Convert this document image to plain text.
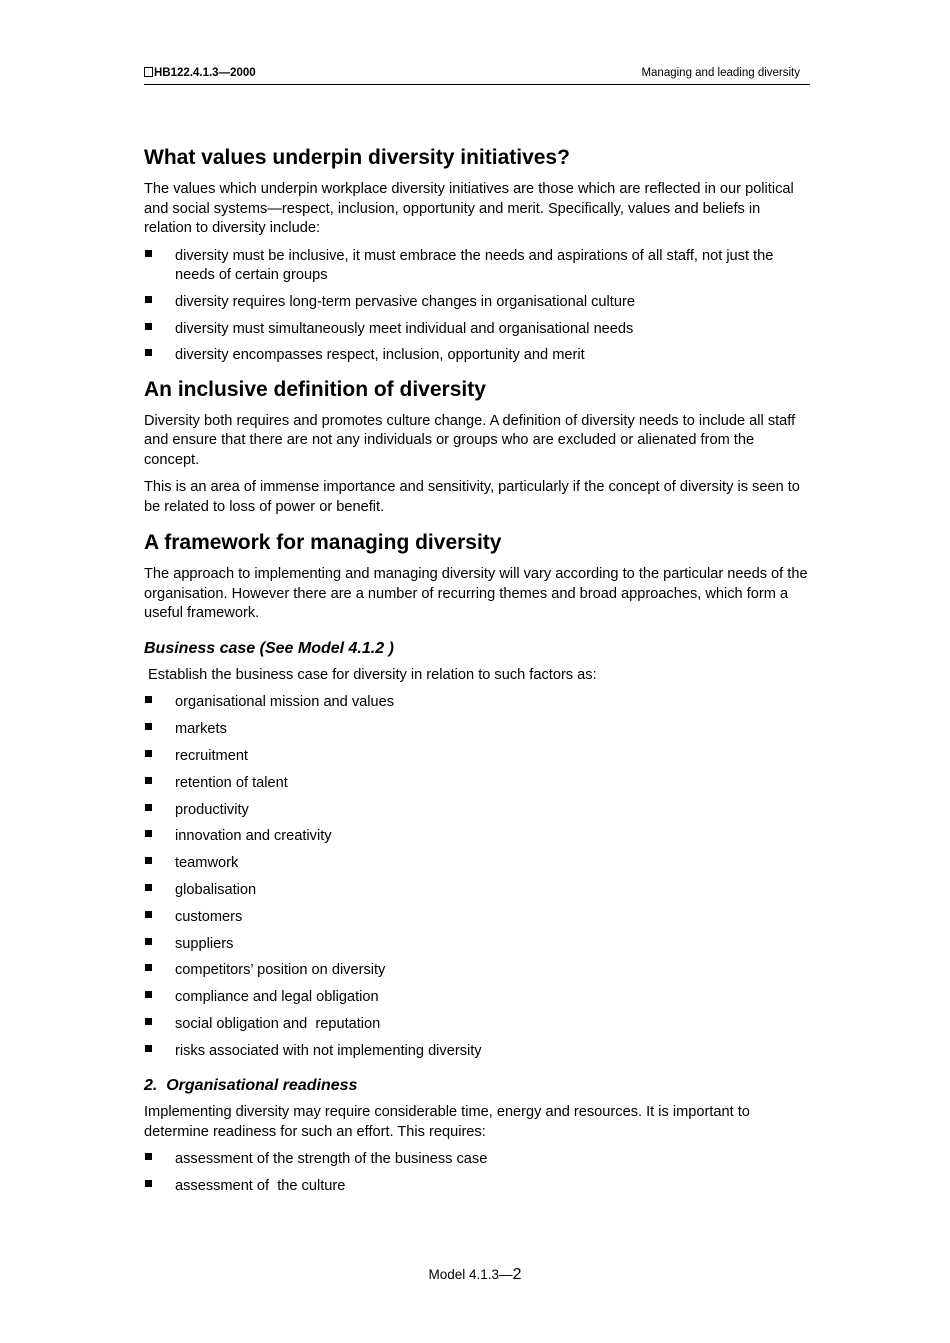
HB122.4.1.3—2000	Managing and leading diversity
What values underpin diversity initiatives?

The values which underpin workplace diversity initiatives are those which are reflected in our political and social systems—respect, inclusion, opportunity and merit. Specifically, values and beliefs in relation to diversity include:

diversity must be inclusive, it must embrace the needs and aspirations of all staff, not just the needs of certain groups
diversity requires long-term pervasive changes in organisational culture
diversity must simultaneously meet individual and organisational needs
diversity encompasses respect, inclusion, opportunity and merit
An inclusive definition of diversity

Diversity both requires and promotes culture change. A definition of diversity needs to include all staff and ensure that there are not any individuals or groups who are excluded or alienated from the concept.

This is an area of immense importance and sensitivity, particularly if the concept of diversity is seen to be related to loss of power or benefit.

A framework for managing diversity

The approach to implementing and managing diversity will vary according to the particular needs of the organisation. However there are a number of recurring themes and broad approaches, which form a useful framework.

Business case (See Model 4.1.2 )

Establish the business case for diversity in relation to such factors as:

organisational mission and values
markets
recruitment
retention of talent
productivity
innovation and creativity
teamwork
globalisation
customers
suppliers
competitors’ position on diversity
compliance and legal obligation
social obligation and  reputation
risks associated with not implementing diversity
2.  Organisational readiness

Implementing diversity may require considerable time, energy and resources. It is important to determine readiness for such an effort. This requires:

assessment of the strength of the business case
assessment of  the culture
Model 4.1.3—2
